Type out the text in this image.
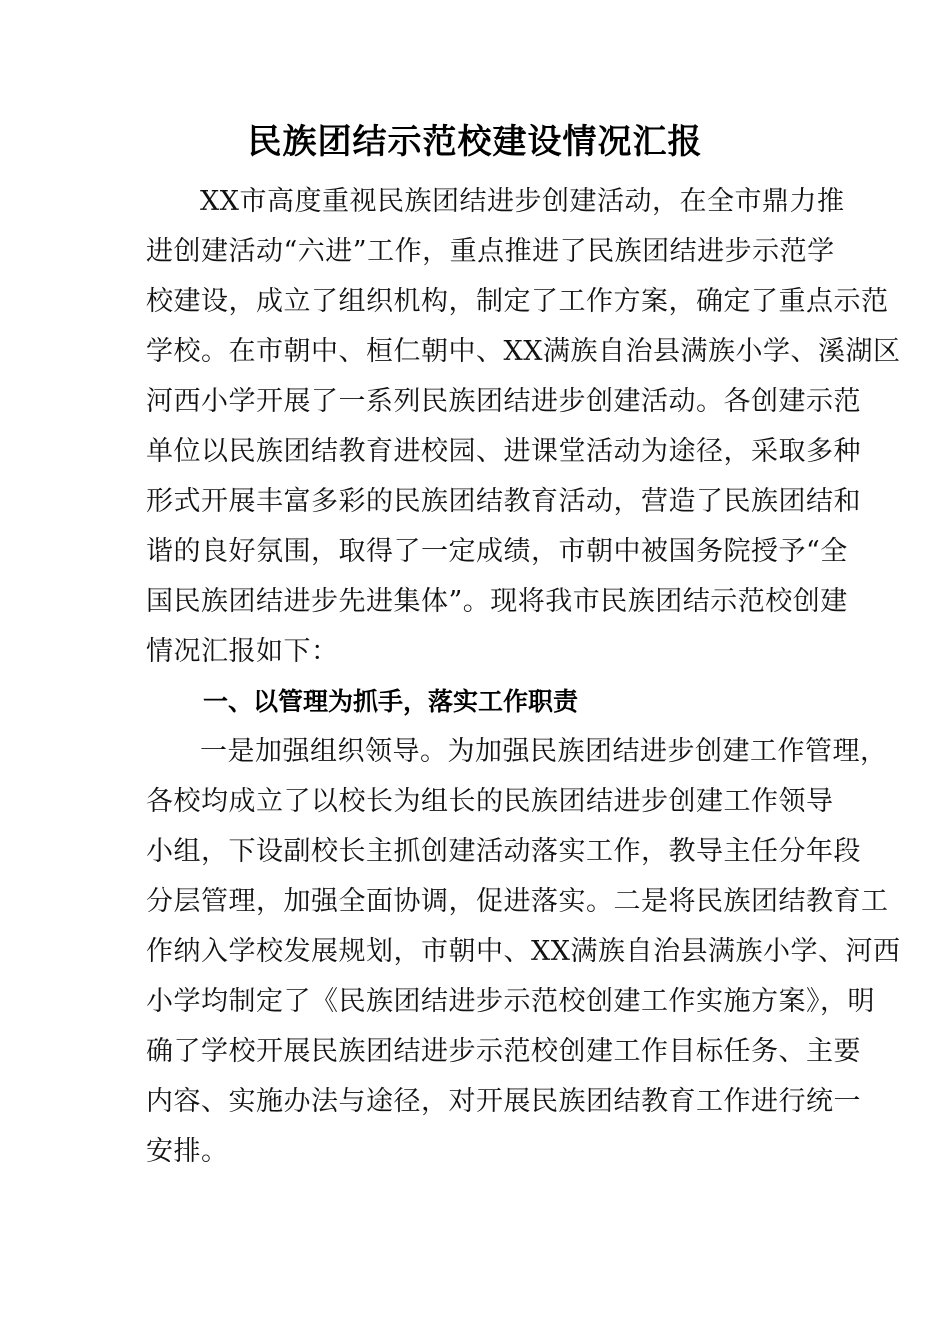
民族团结示范校建设情况汇报
XX市高度重视民族团结进步创建活动，在全市鼎力推
进创建活动“六进”工作，重点推进了民族团结进步示范学
校建设，成立了组织机构，制定了工作方案，确定了重点示范
学校。在市朝中、桓仁朝中、XX满族自治县满族小学、溪湖区
河西小学开展了一系列民族团结进步创建活动。各创建示范
单位以民族团结教育进校园、进课堂活动为途径，采取多种
形式开展丰富多彩的民族团结教育活动，营造了民族团结和
谐的良好氛围，取得了一定成绩，市朝中被国务院授予“全
国民族团结进步先进集体”。现将我市民族团结示范校创建
情况汇报如下：
一、以管理为抓手，落实工作职责
一是加强组织领导。为加强民族团结进步创建工作管理，
各校均成立了以校长为组长的民族团结进步创建工作领导
小组，下设副校长主抓创建活动落实工作，教导主任分年段
分层管理，加强全面协调，促进落实。二是将民族团结教育工
作纳入学校发展规划，市朝中、XX满族自治县满族小学、河西
小学均制定了《民族团结进步示范校创建工作实施方案》，明
确了学校开展民族团结进步示范校创建工作目标任务、主要
内容、实施办法与途径，对开展民族团结教育工作进行统一
安排。
